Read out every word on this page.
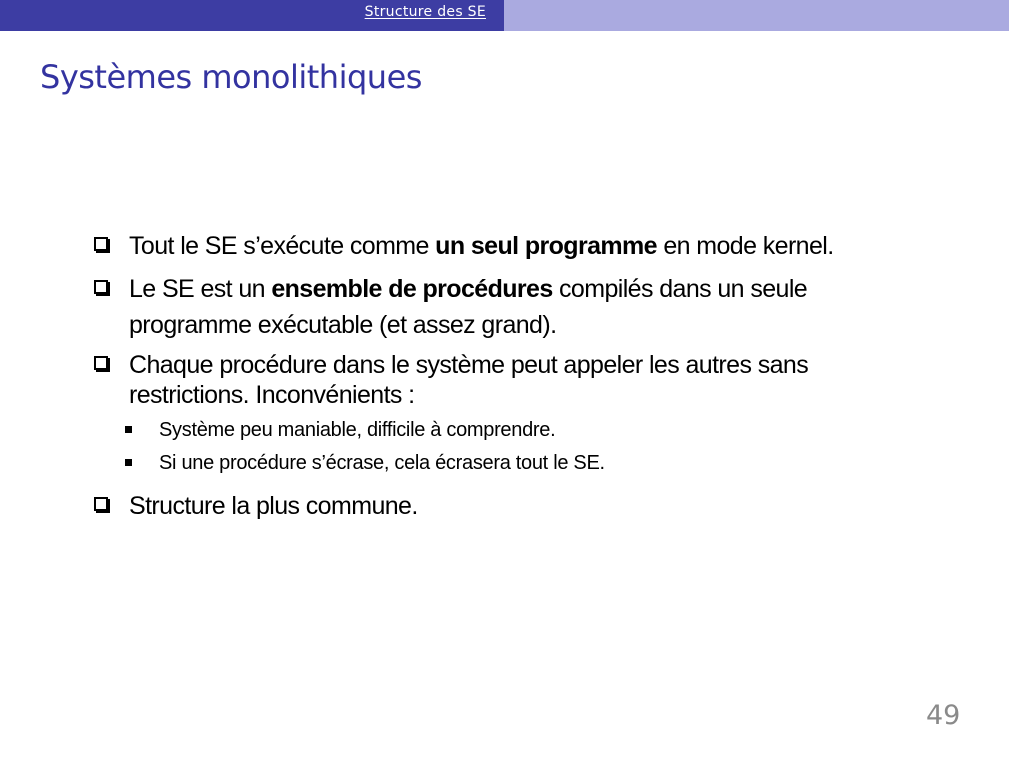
Structure des SE
Systèmes monolithiques
Tout le SE s’exécute comme un seul programme en mode kernel.
Le SE est un ensemble de procédures compilés dans un seule programme exécutable (et assez grand).
Chaque procédure dans le système peut appeler les autres sans restrictions. Inconvénients :
Système peu maniable, difficile à comprendre.
Si une procédure s’écrase, cela écrasera tout le SE.
Structure la plus commune.
49
